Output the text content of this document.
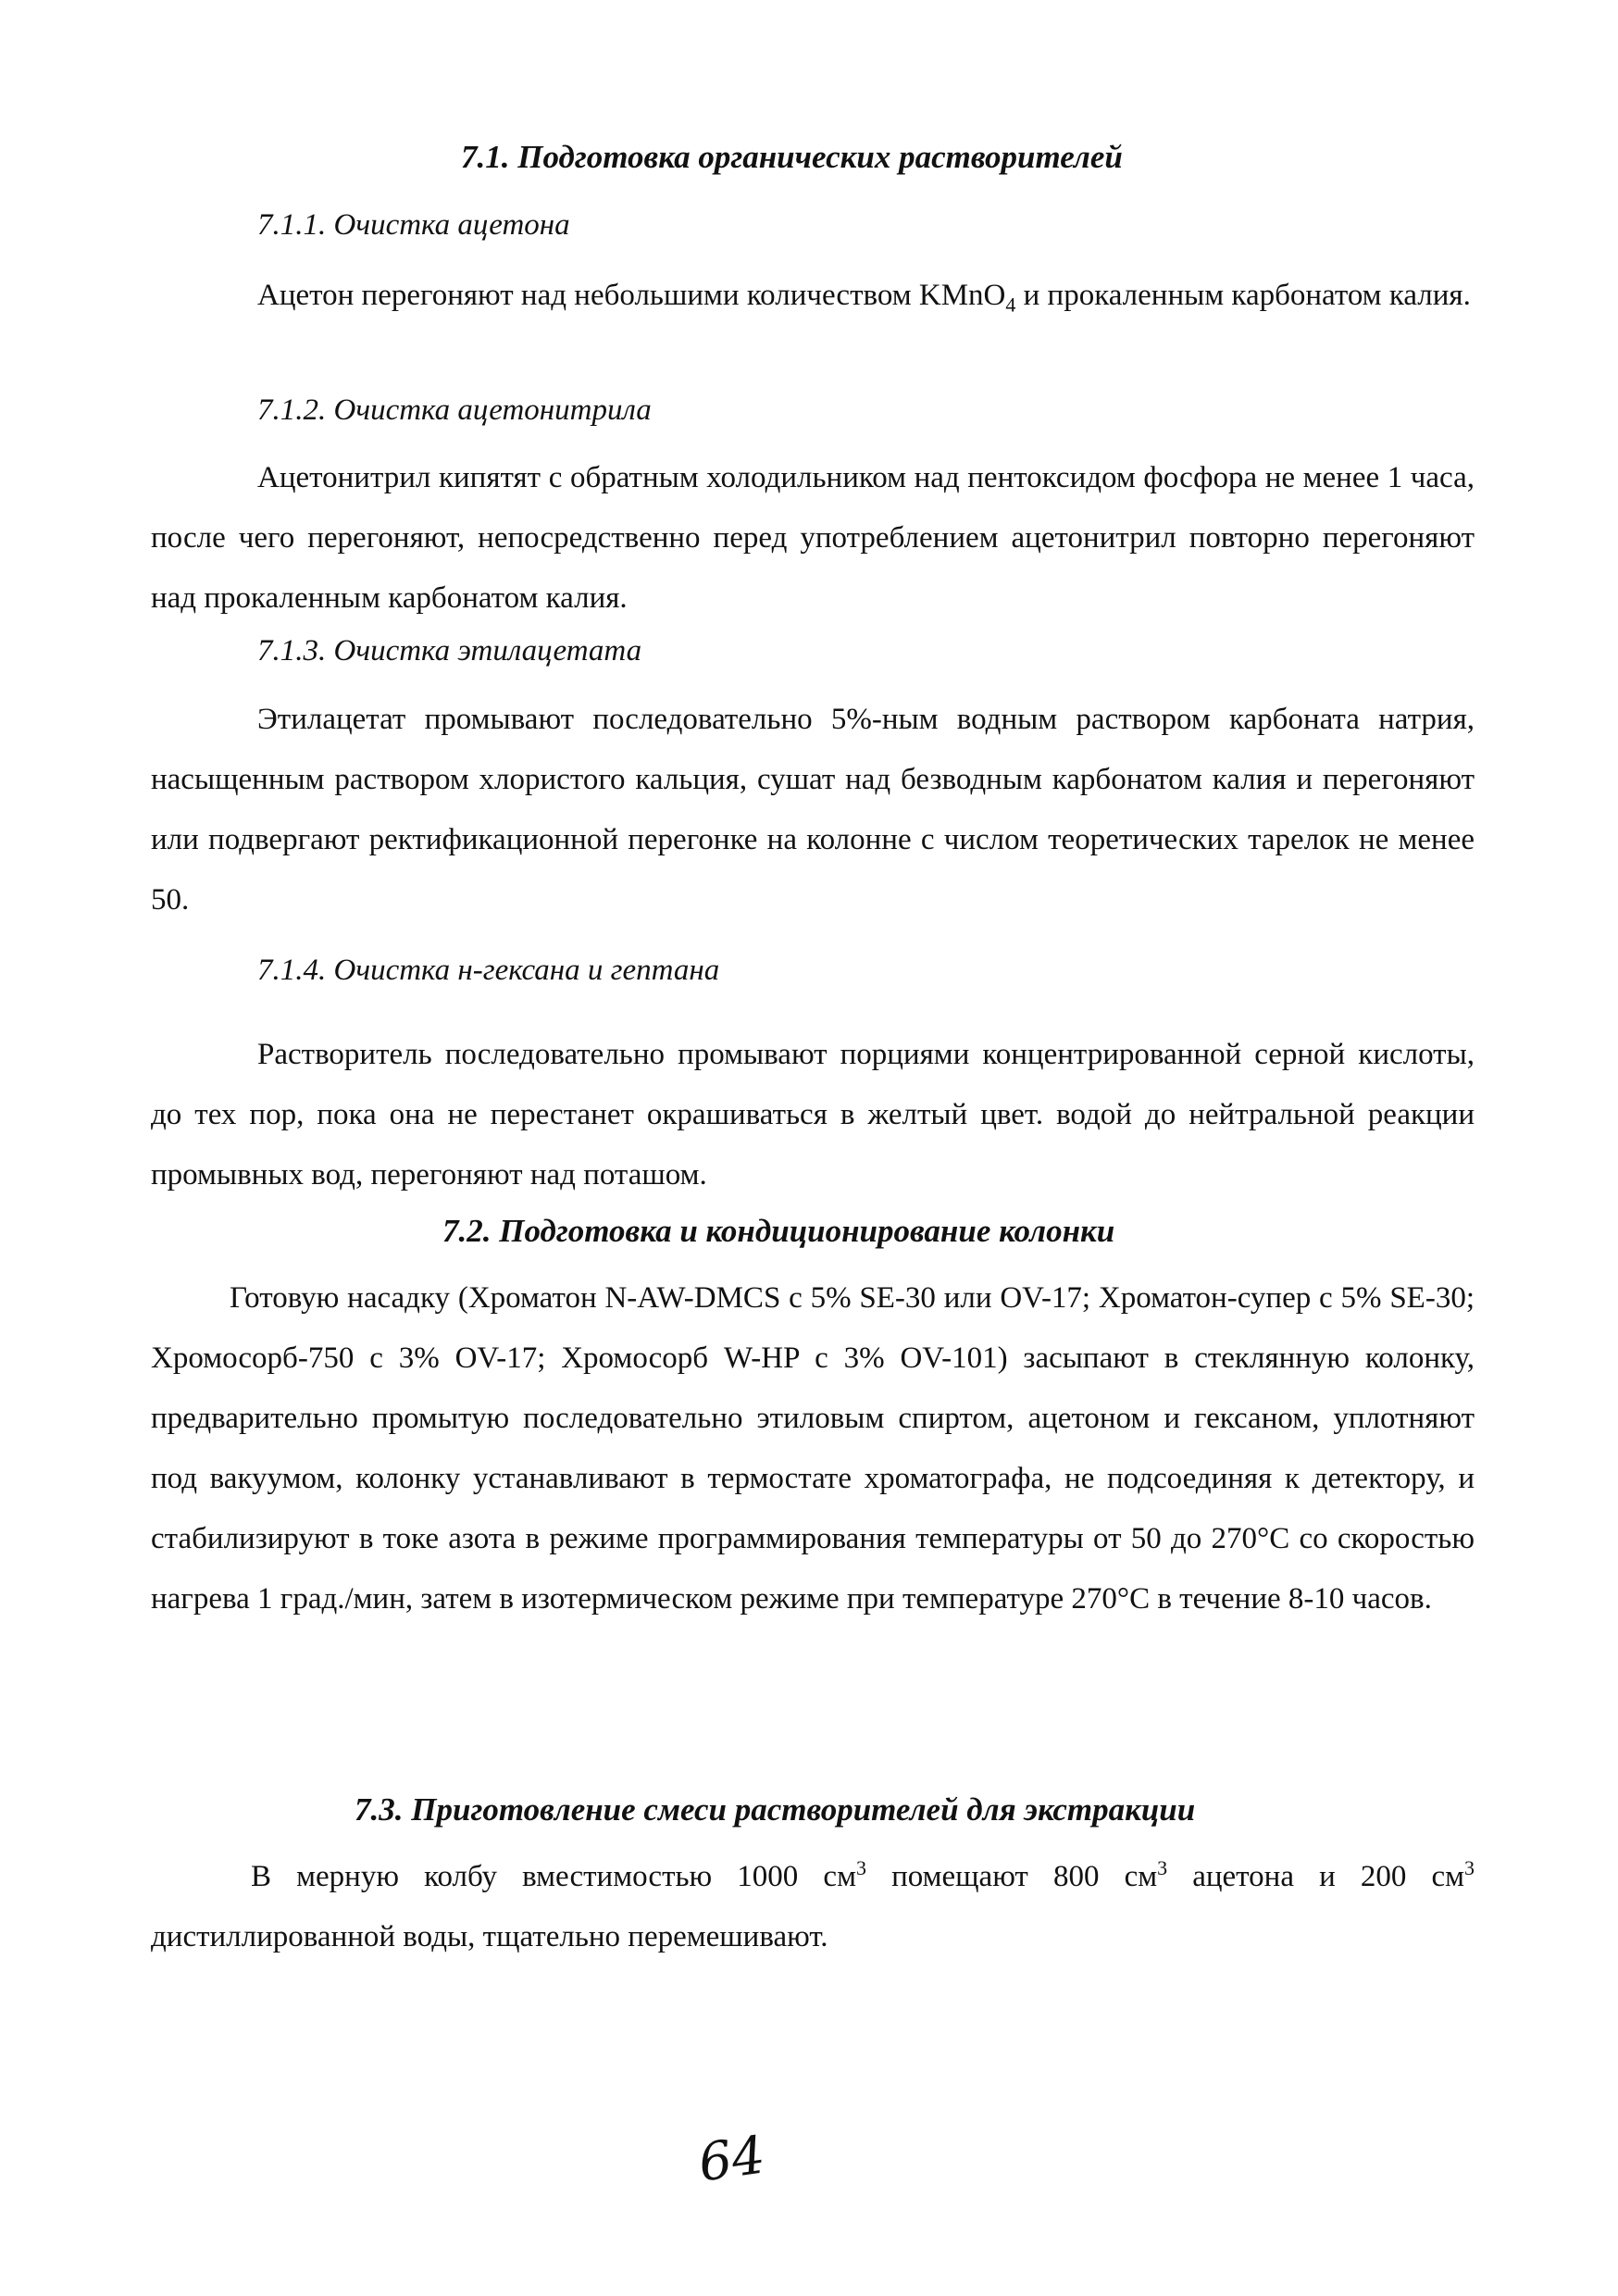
7.1. Подготовка органических растворителей
7.1.1. Очистка ацетона
Ацетон перегоняют над небольшими количеством KMnO$_4$ и прокаленным карбонатом калия.
7.1.2. Очистка ацетонитрила
Ацетонитрил кипятят с обратным холодильником над пентоксидом фосфора не менее 1 часа, после чего перегоняют, непосредственно перед употреблением ацетонитрил повторно перегоняют над прокаленным карбонатом калия.
7.1.3. Очистка этилацетата
Этилацетат промывают последовательно 5%-ным водным раствором карбоната натрия, насыщенным раствором хлористого кальция, сушат над безводным карбонатом калия и перегоняют или подвергают ректификационной перегонке на колонне с числом теоретических тарелок не менее 50.
7.1.4. Очистка н-гексана и гептана
Растворитель последовательно промывают порциями концентрированной серной кислоты, до тех пор, пока она не перестанет окрашиваться в желтый цвет. водой до нейтральной реакции промывных вод, перегоняют над поташом.
7.2. Подготовка и кондиционирование колонки
Готовую насадку (Хроматон N-AW-DMCS с 5% SE-30 или OV-17; Хроматон-супер с 5% SE-30; Хромосорб-750 с 3% OV-17; Хромосорб W-HP с 3% OV-101) засыпают в стеклянную колонку, предварительно промытую последовательно этиловым спиртом, ацетоном и гексаном, уплотняют под вакуумом, колонку устанавливают в термостате хроматографа, не подсоединяя к детектору, и стабилизируют в токе азота в режиме программирования температуры от 50 до 270°С со скоростью нагрева 1 град./мин, затем в изотермическом режиме при температуре 270°С в течение 8-10 часов.
7.3. Приготовление смеси растворителей для экстракции
В мерную колбу вместимостью 1000 $см^3$ помещают 800 $см^3$ ацетона и 200 $см^3$ дистиллированной воды, тщательно перемешивают.
64
